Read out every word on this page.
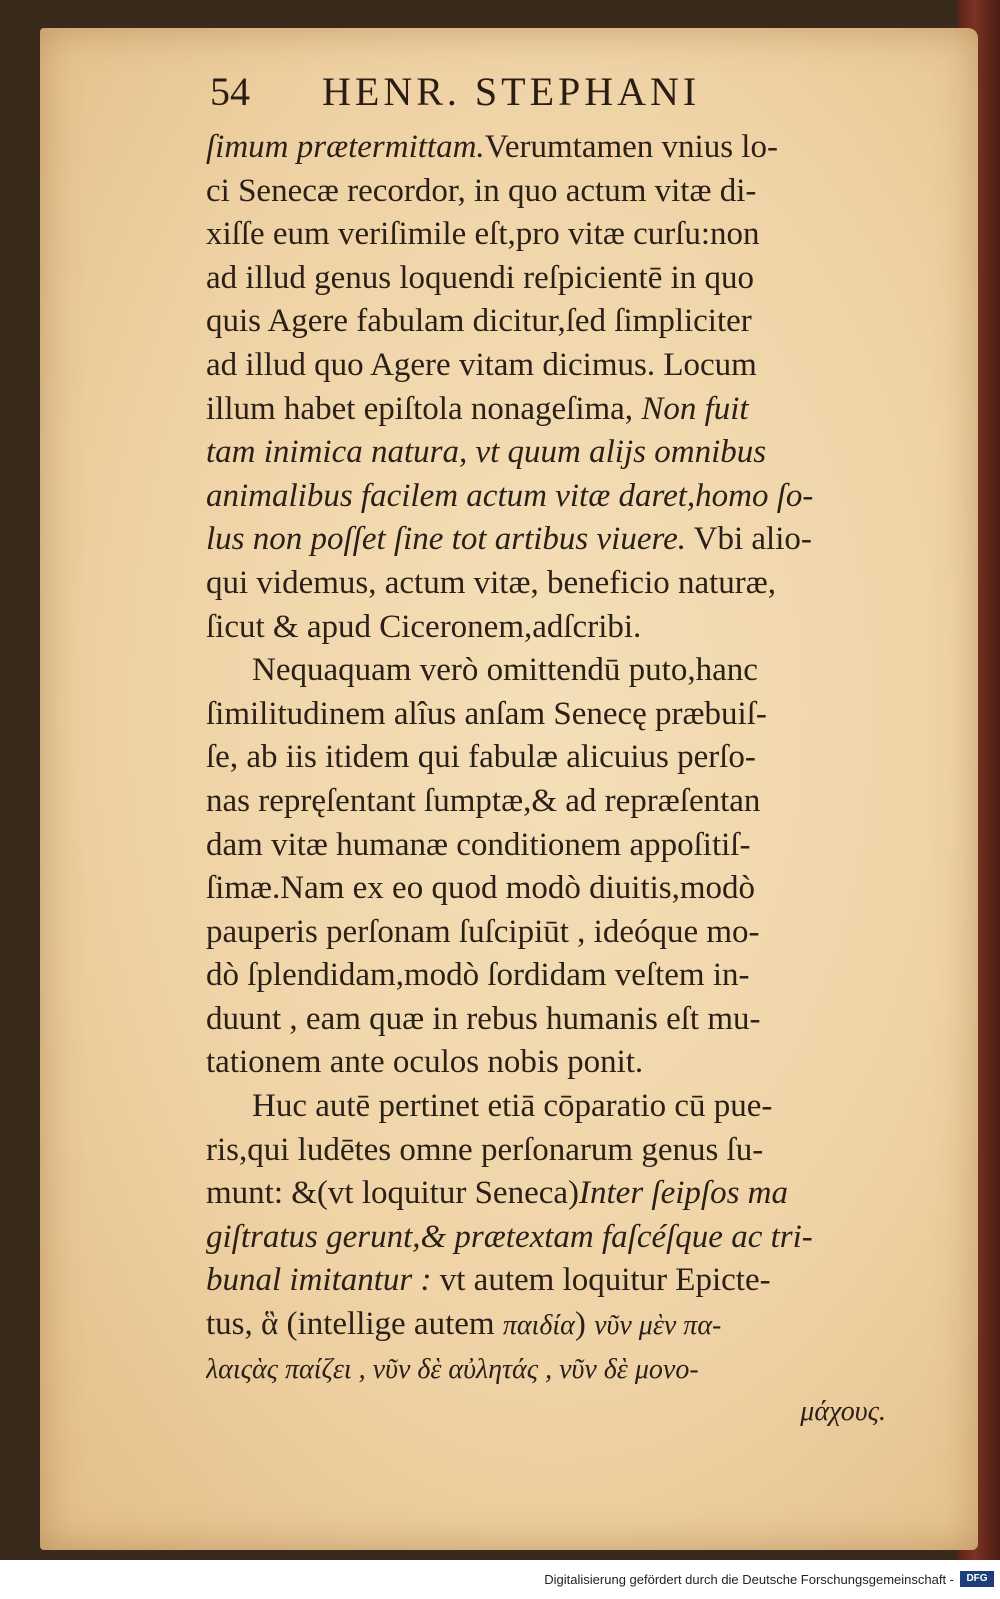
54 HENR. STEPHANI
ſimum prætermittam.Verumtamen vnius lo-
ci Senecæ recordor, in quo actum vitæ di-
xiſſe eum veriſimile eſt,pro vitæ curſu:non
ad illud genus loquendi reſpicientē in quo
quis Agere fabulam dicitur,ſed ſimpliciter
ad illud quo Agere vitam dicimus. Locum
illum habet epiſtola nonageſima, Non fuit
tam inimica natura, vt quum alijs omnibus
animalibus facilem actum vitæ daret,homo ſo-
lus non poſſet ſine tot artibus viuere. Vbi alio-
qui videmus, actum vitæ, beneficio naturæ,
ſicut & apud Ciceronem,adſcribi.
Nequaquam verò omittendū puto,hanc
ſimilitudinem alîus anſam Senecę præbuiſ-
ſe, ab iis itidem qui fabulæ alicuius perſo-
nas repręſentant ſumptæ,& ad repræſentan
dam vitæ humanæ conditionem appoſitiſ-
ſimæ.Nam ex eo quod modò diuitis,modò
pauperis perſonam ſuſcipiūt , ideóque mo-
dò ſplendidam,modò ſordidam veſtem in-
duunt , eam quæ in rebus humanis eſt mu-
tationem ante oculos nobis ponit.
Huc autē pertinet etiā cōparatio cū pue-
ris,qui ludētes omne perſonarum genus ſu-
munt: &(vt loquitur Seneca)Inter ſeipſos ma
giſtratus gerunt,& prætextam faſcéſque ac tri-
bunal imitantur : vt autem loquitur Epicte-
tus, ἃ (intellige autem παιδία) νῦν μὲν πα-
λαιςὰς παίζει , νῦν δὲ αὐλητάς , νῦν δὲ μονο-
μάχους.
Digitalisierung gefördert durch die Deutsche Forschungsgemeinschaft -	DFG
